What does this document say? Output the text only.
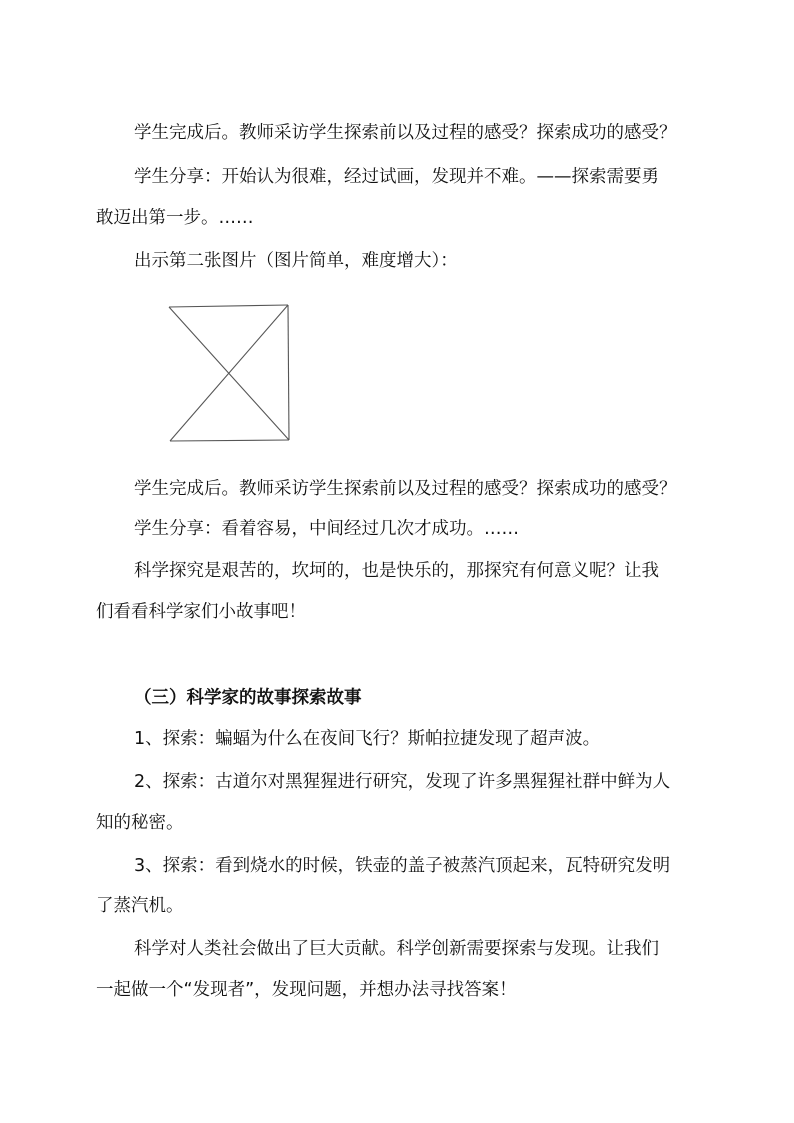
学生完成后。教师采访学生探索前以及过程的感受？探索成功的感受？

学生分享：开始认为很难，经过试画，发现并不难。——探索需要勇

敢迈出第一步。……

出示第二张图片（图片简单，难度增大）：

学生完成后。教师采访学生探索前以及过程的感受？探索成功的感受？

学生分享：看着容易，中间经过几次才成功。……

科学探究是艰苦的，坎坷的，也是快乐的，那探究有何意义呢？让我

们看看科学家们小故事吧！

（三）科学家的故事探索故事

1、探索：蝙蝠为什么在夜间飞行？斯帕拉捷发现了超声波。

2、探索：古道尔对黑猩猩进行研究，发现了许多黑猩猩社群中鲜为人

知的秘密。

3、探索：看到烧水的时候，铁壶的盖子被蒸汽顶起来，瓦特研究发明

了蒸汽机。

科学对人类社会做出了巨大贡献。科学创新需要探索与发现。让我们

一起做一个“发现者”，发现问题，并想办法寻找答案！
